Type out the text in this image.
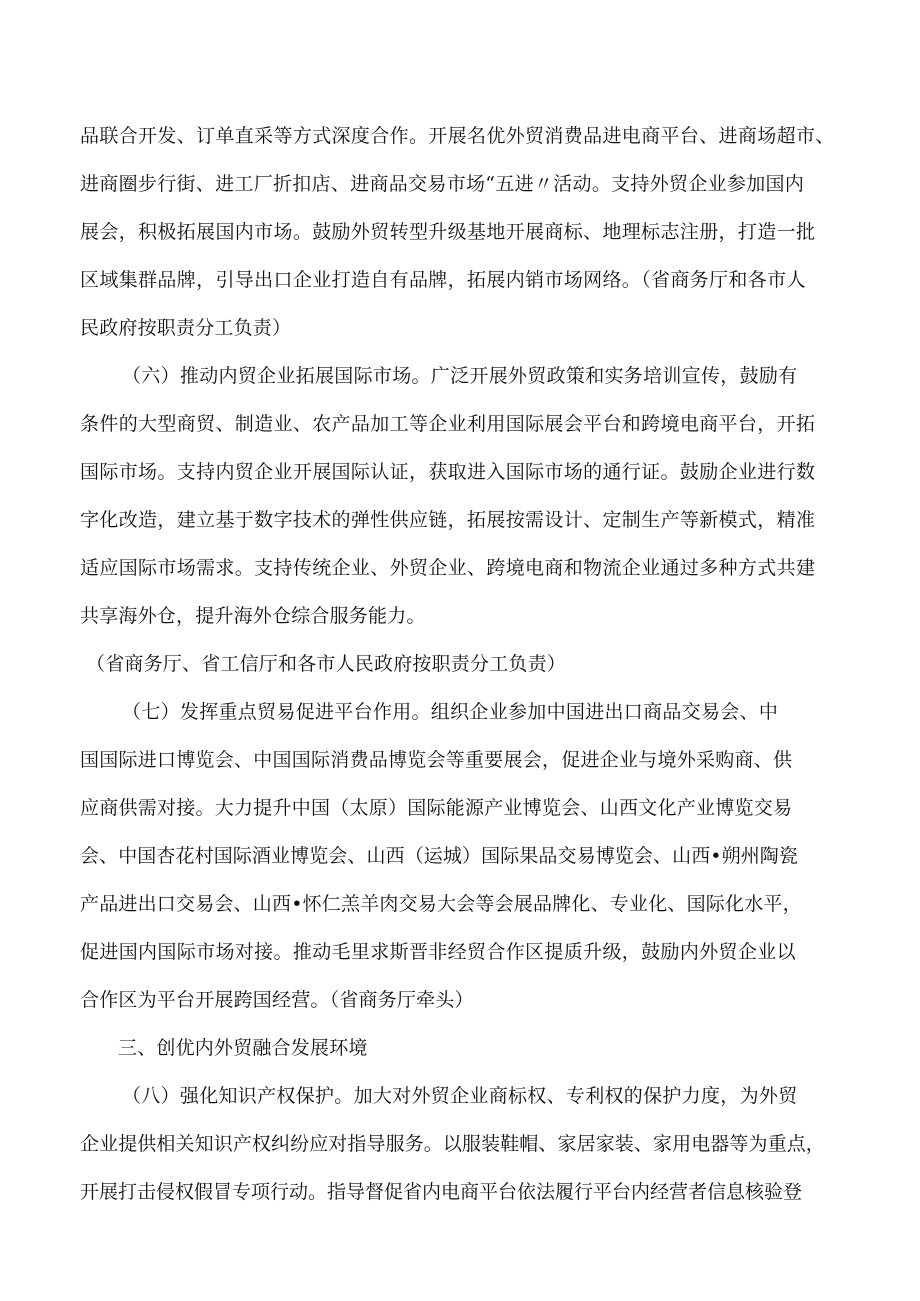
品联合开发、订单直采等方式深度合作。开展名优外贸消费品进电商平台、进商场超市、
进商圈步行街、进工厂折扣店、进商品交易市场“五进〃活动。支持外贸企业参加国内
展会，积极拓展国内市场。鼓励外贸转型升级基地开展商标、地理标志注册，打造一批
区域集群品牌，引导出口企业打造自有品牌，拓展内销市场网络。（省商务厅和各市人
民政府按职责分工负责）
（六）推动内贸企业拓展国际市场。广泛开展外贸政策和实务培训宣传，鼓励有
条件的大型商贸、制造业、农产品加工等企业利用国际展会平台和跨境电商平台，开拓
国际市场。支持内贸企业开展国际认证，获取进入国际市场的通行证。鼓励企业进行数
字化改造，建立基于数字技术的弹性供应链，拓展按需设计、定制生产等新模式，精准
适应国际市场需求。支持传统企业、外贸企业、跨境电商和物流企业通过多种方式共建
共享海外仓，提升海外仓综合服务能力。
（省商务厅、省工信厅和各市人民政府按职责分工负责）
（七）发挥重点贸易促进平台作用。组织企业参加中国进出口商品交易会、中
国国际进口博览会、中国国际消费品博览会等重要展会，促进企业与境外采购商、供
应商供需对接。大力提升中国（太原）国际能源产业博览会、山西文化产业博览交易
会、中国杏花村国际酒业博览会、山西（运城）国际果品交易博览会、山西•朔州陶瓷
产品进出口交易会、山西•怀仁羔羊肉交易大会等会展品牌化、专业化、国际化水平，
促进国内国际市场对接。推动毛里求斯晋非经贸合作区提质升级，鼓励内外贸企业以
合作区为平台开展跨国经营。（省商务厅牵头）
三、创优内外贸融合发展环境
（八）强化知识产权保护。加大对外贸企业商标权、专利权的保护力度，为外贸
企业提供相关知识产权纠纷应对指导服务。以服装鞋帽、家居家装、家用电器等为重点，
开展打击侵权假冒专项行动。指导督促省内电商平台依法履行平台内经营者信息核验登
